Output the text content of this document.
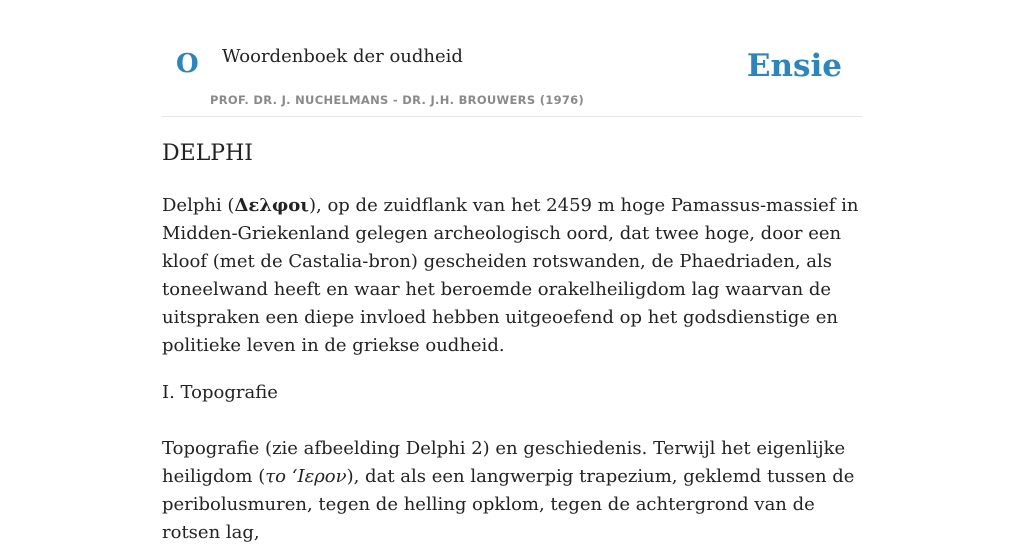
O Woordenboek der oudheid
PROF. DR. J. NUCHELMANS - DR. J.H. BROUWERS (1976)
Ensie
DELPHI

Delphi (Δελφοι), op de zuidflank van het 2459 m hoge Pamassus-massief in Midden-Griekenland gelegen archeologisch oord, dat twee hoge, door een kloof (met de Castalia-bron) gescheiden rotswanden, de Phaedriaden, als toneelwand heeft en waar het beroemde orakelheiligdom lag waarvan de uitspraken een diepe invloed hebben uitgeoefend op het godsdienstige en politieke leven in de griekse oudheid.

I. Topografie

Topografie (zie afbeelding Delphi 2) en geschiedenis. Terwijl het eigenlijke heiligdom (το ‘Ιερον), dat als een langwerpig trapezium, geklemd tussen de peribolusmuren, tegen de helling opklom, tegen de achtergrond van de rotsen lag,
